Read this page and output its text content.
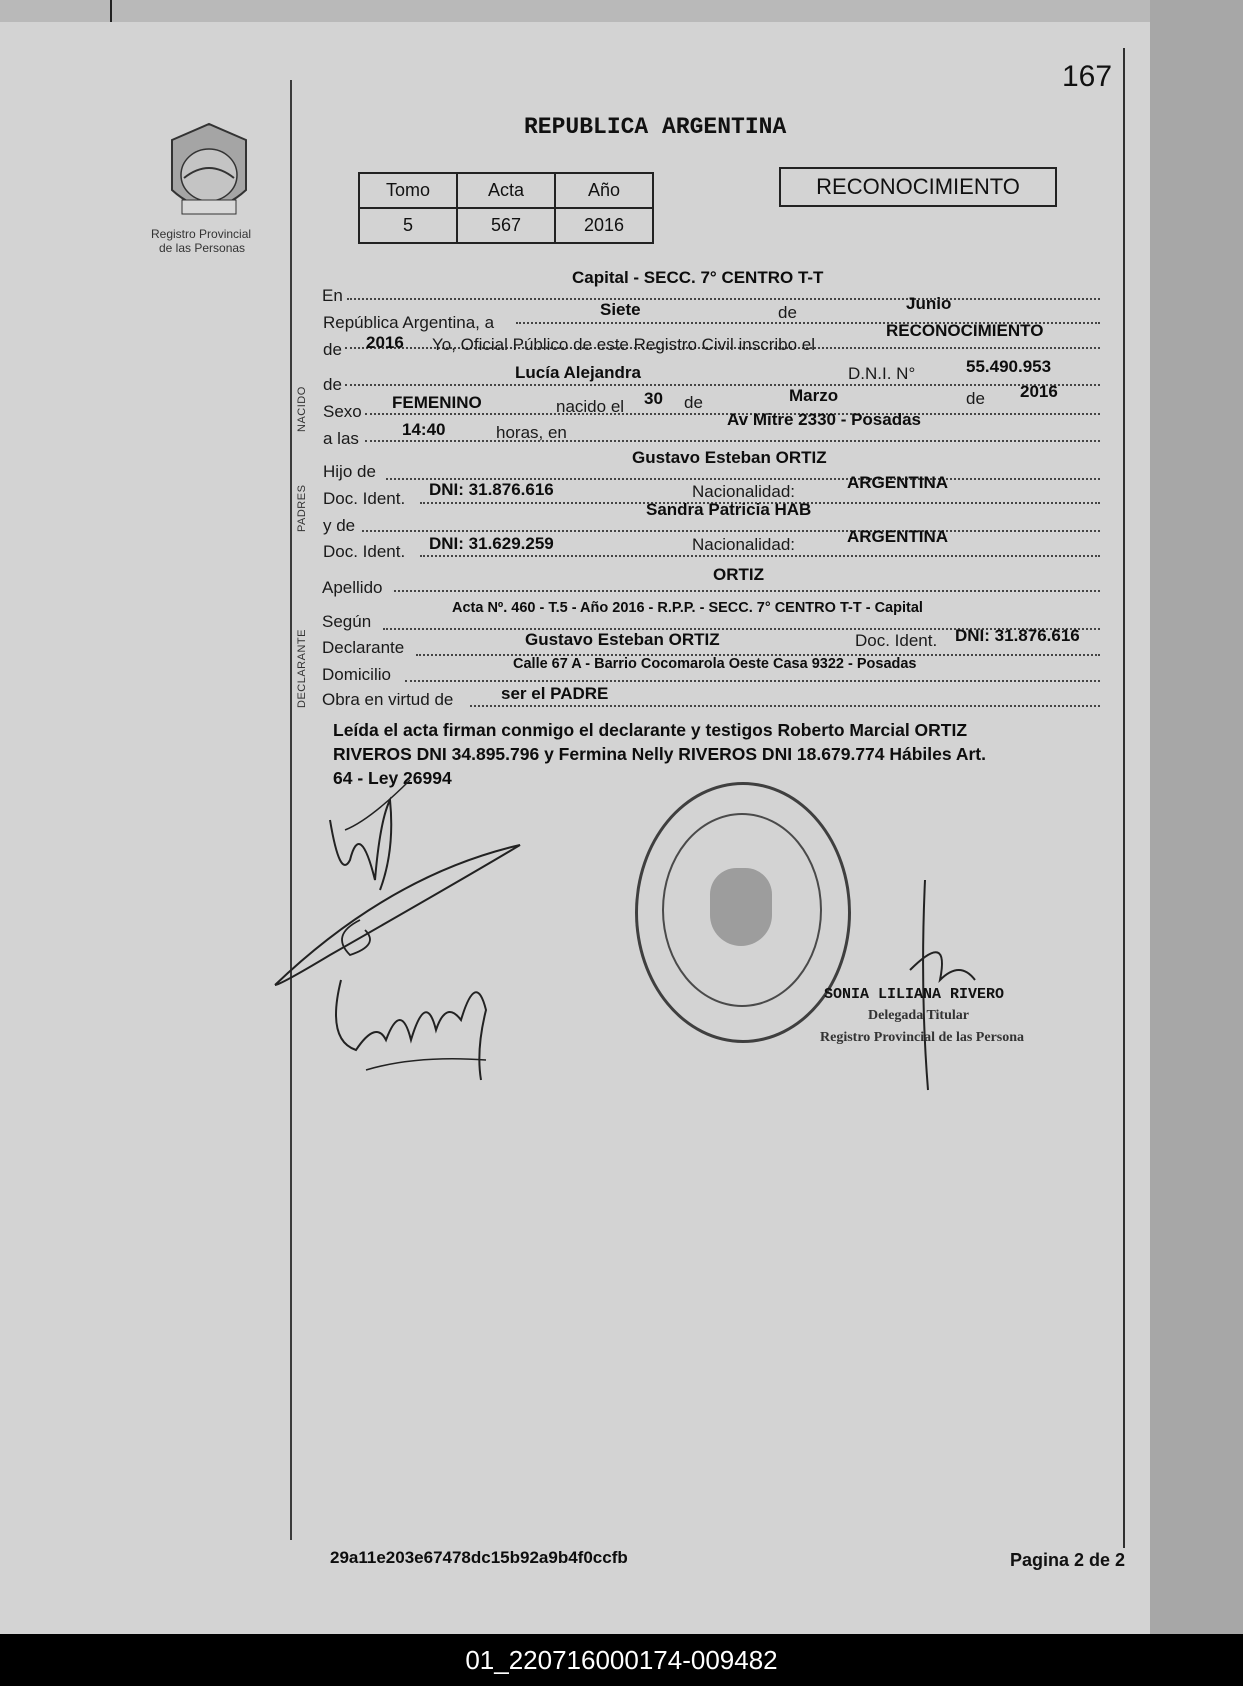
167
REPUBLICA ARGENTINA
Registro Provincial
de las Personas
Tomo	Acta	Año
5	567	2016
RECONOCIMIENTO
NACIDO
PADRES
DECLARANTE
En
Capital - SECC. 7° CENTRO T-T
República Argentina, a
Siete	de	Junio
de 2016 Yo, Oficial Público de este Registro Civil inscribo el
RECONOCIMIENTO
de
Lucía Alejandra	D.N.I. N°	55.490.953
Sexo FEMENINO	nacido el 30 de	Marzo	de 2016
a las	14:40	horas, en
Av Mitre 2330 - Posadas
Hijo de
Gustavo Esteban ORTIZ
Doc. Ident. DNI: 31.876.616	Nacionalidad:	ARGENTINA
y de
Sandra Patricia HAB
Doc. Ident. DNI: 31.629.259	Nacionalidad:	ARGENTINA
Apellido
ORTIZ
Según
Acta Nº. 460 - T.5 - Año 2016 - R.P.P. - SECC. 7° CENTRO T-T - Capital
Declarante	Gustavo Esteban ORTIZ	Doc. Ident. DNI: 31.876.616
Domicilio
Calle 67 A - Barrio Cocomarola Oeste Casa 9322 - Posadas
Obra en virtud de	ser el PADRE
Leída el acta firman conmigo el declarante y testigos Roberto Marcial ORTIZ
RIVEROS DNI 34.895.796 y Fermina Nelly RIVEROS DNI 18.679.774 Hábiles Art.
64 - Ley 26994
SONIA LILIANA RIVERO
Delegada Titular
Registro Provincial de las Persona
29a11e203e67478dc15b92a9b4f0ccfb	Pagina 2 de 2
01_220716000174-009482
